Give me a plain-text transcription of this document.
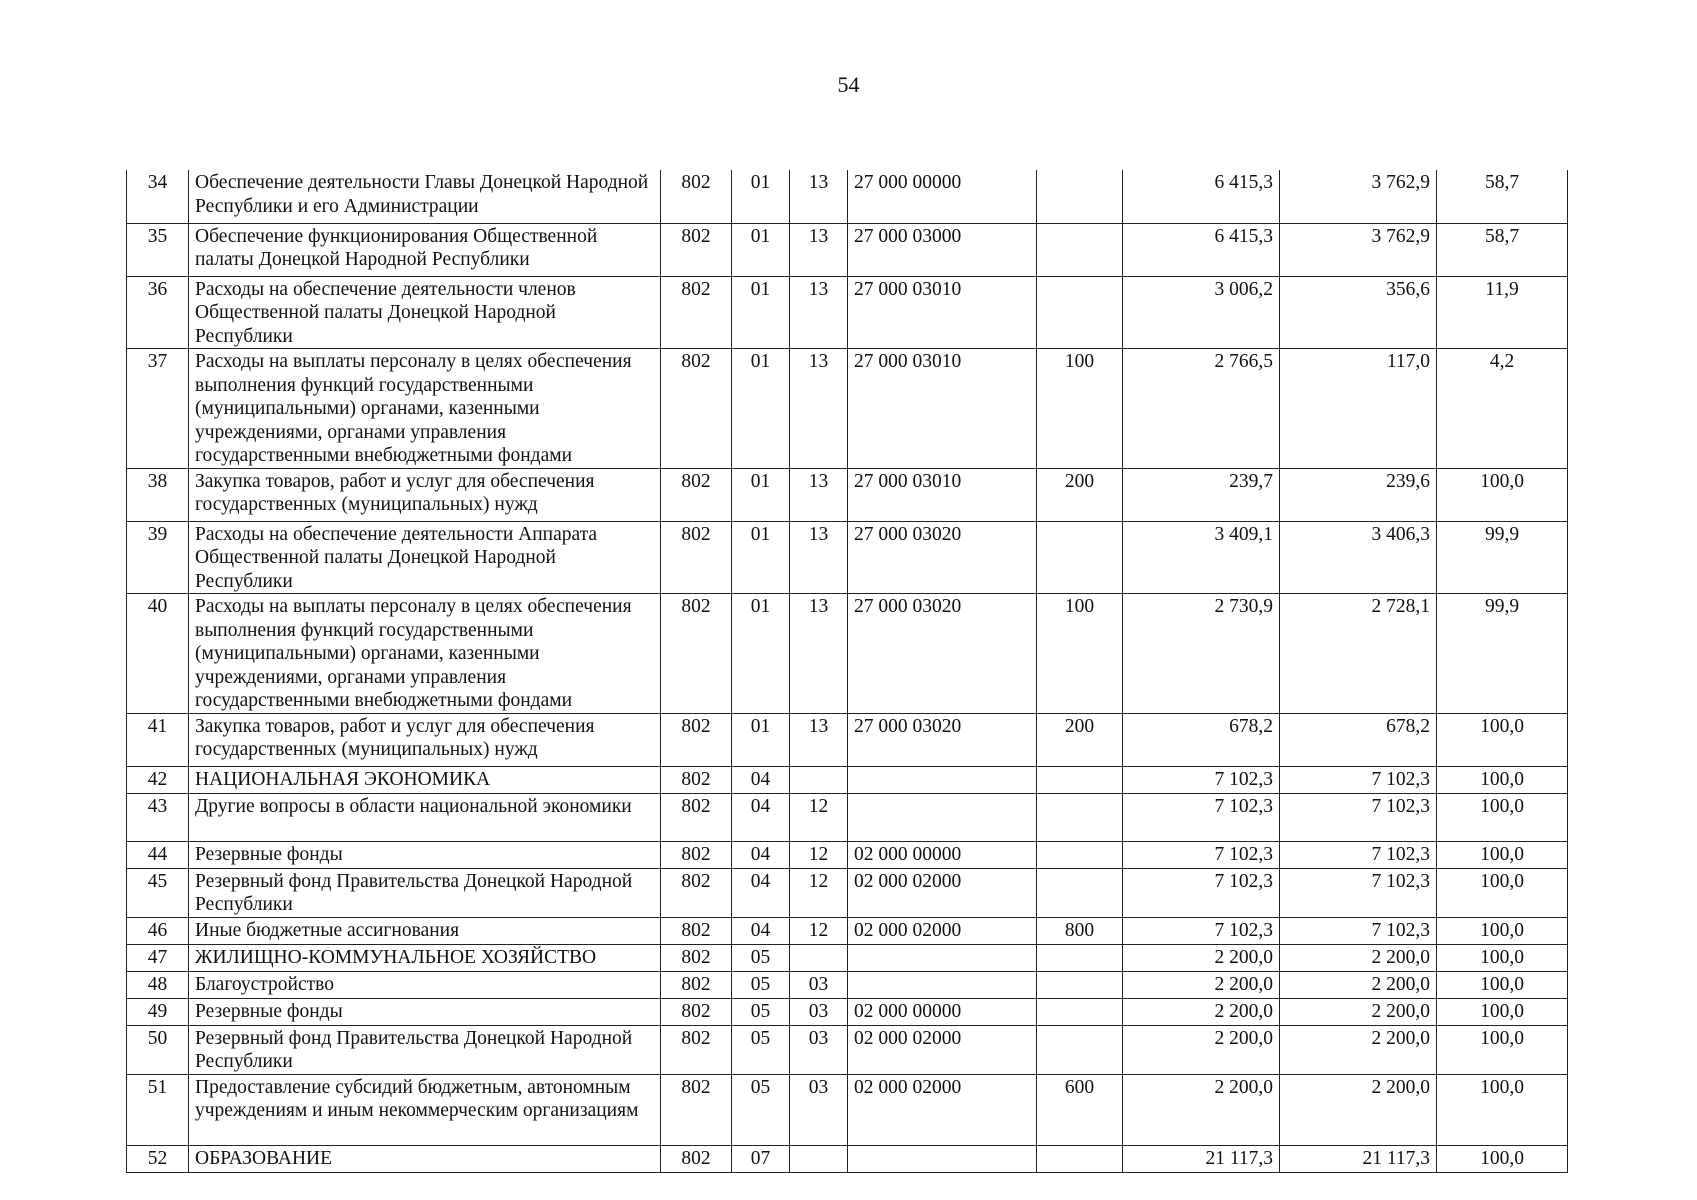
54
34	Обеспечение деятельности Главы Донецкой Народной Республики и его Администрации	802	01	13	27 000 00000		6 415,3	3 762,9	58,7
35	Обеспечение функционирования Общественной палаты Донецкой Народной Республики	802	01	13	27 000 03000		6 415,3	3 762,9	58,7
36	Расходы на обеспечение деятельности членов Общественной палаты Донецкой Народной Республики	802	01	13	27 000 03010		3 006,2	356,6	11,9
37	Расходы на выплаты персоналу в целях обеспечения выполнения функций государственными (муниципальными) органами, казенными учреждениями, органами управления государственными внебюджетными фондами	802	01	13	27 000 03010	100	2 766,5	117,0	4,2
38	Закупка товаров, работ и услуг для обеспечения государственных (муниципальных) нужд	802	01	13	27 000 03010	200	239,7	239,6	100,0
39	Расходы на обеспечение деятельности Аппарата Общественной палаты Донецкой Народной Республики	802	01	13	27 000 03020		3 409,1	3 406,3	99,9
40	Расходы на выплаты персоналу в целях обеспечения выполнения функций государственными (муниципальными) органами, казенными учреждениями, органами управления государственными внебюджетными фондами	802	01	13	27 000 03020	100	2 730,9	2 728,1	99,9
41	Закупка товаров, работ и услуг для обеспечения государственных (муниципальных) нужд	802	01	13	27 000 03020	200	678,2	678,2	100,0
42	НАЦИОНАЛЬНАЯ ЭКОНОМИКА	802	04				7 102,3	7 102,3	100,0
43	Другие вопросы в области национальной экономики	802	04	12			7 102,3	7 102,3	100,0
44	Резервные фонды	802	04	12	02 000 00000		7 102,3	7 102,3	100,0
45	Резервный фонд Правительства Донецкой Народной Республики	802	04	12	02 000 02000		7 102,3	7 102,3	100,0
46	Иные бюджетные ассигнования	802	04	12	02 000 02000	800	7 102,3	7 102,3	100,0
47	ЖИЛИЩНО-КОММУНАЛЬНОЕ ХОЗЯЙСТВО	802	05				2 200,0	2 200,0	100,0
48	Благоустройство	802	05	03			2 200,0	2 200,0	100,0
49	Резервные фонды	802	05	03	02 000 00000		2 200,0	2 200,0	100,0
50	Резервный фонд Правительства Донецкой Народной Республики	802	05	03	02 000 02000		2 200,0	2 200,0	100,0
51	Предоставление субсидий бюджетным, автономным учреждениям и иным некоммерческим организациям	802	05	03	02 000 02000	600	2 200,0	2 200,0	100,0
52	ОБРАЗОВАНИЕ	802	07				21 117,3	21 117,3	100,0
